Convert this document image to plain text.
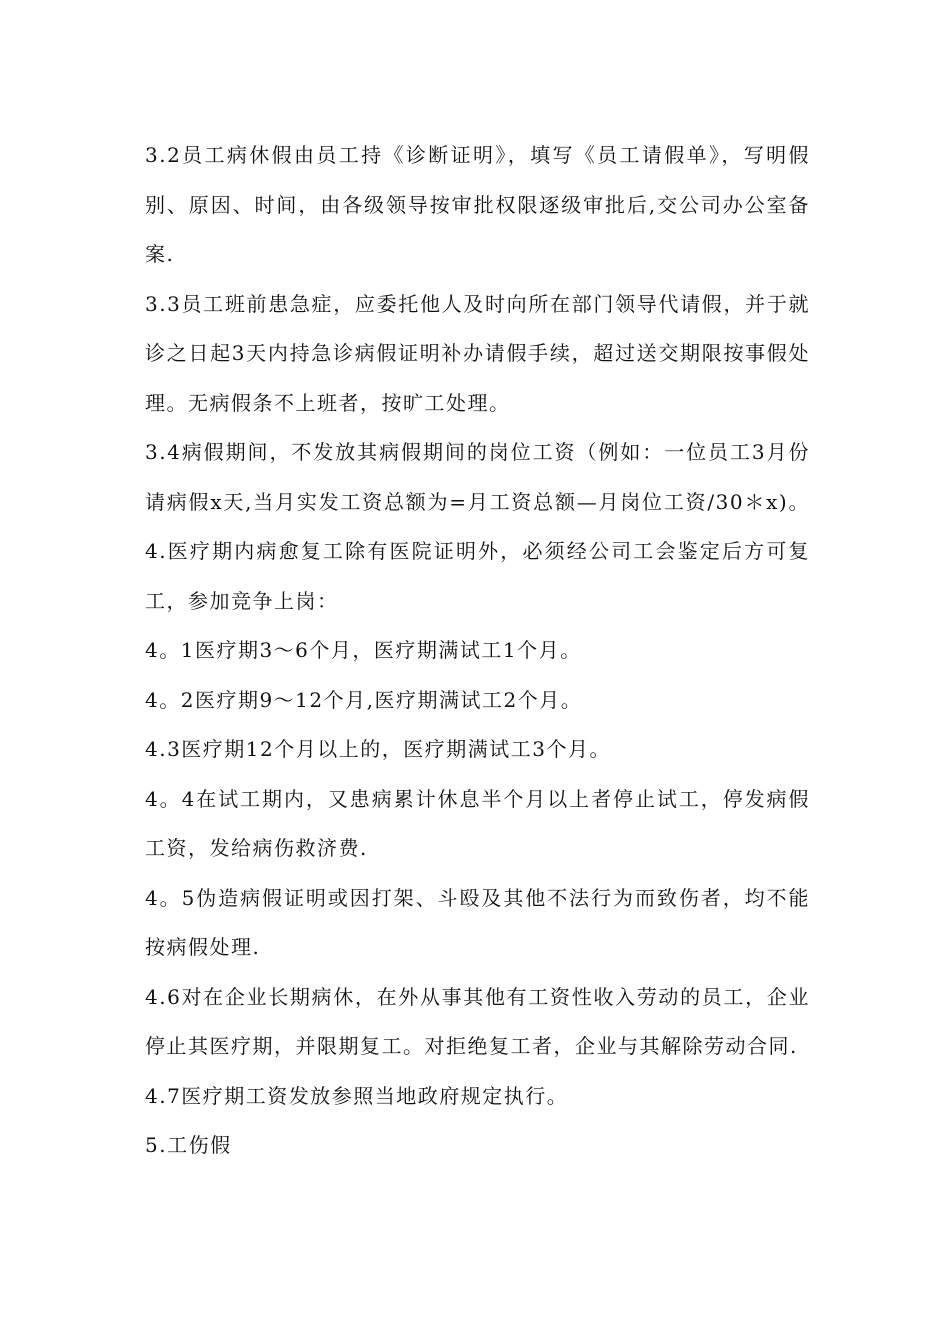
3.2员工病休假由员工持《诊断证明》，填写《员工请假单》，写明假别、原因、时间，由各级领导按审批权限逐级审批后,交公司办公室备案.

3.3员工班前患急症，应委托他人及时向所在部门领导代请假，并于就诊之日起3天内持急诊病假证明补办请假手续，超过送交期限按事假处理。无病假条不上班者，按旷工处理。

3.4病假期间，不发放其病假期间的岗位工资（例如：一位员工3月份请病假x天,当月实发工资总额为=月工资总额—月岗位工资/30＊x)。    4.医疗期内病愈复工除有医院证明外，必须经公司工会鉴定后方可复工，参加竞争上岗：

4。1医疗期3～6个月，医疗期满试工1个月。

4。2医疗期9～12个月,医疗期满试工2个月。

4.3医疗期12个月以上的，医疗期满试工3个月。

4。4在试工期内，又患病累计休息半个月以上者停止试工，停发病假工资，发给病伤救济费.

4。5伪造病假证明或因打架、斗殴及其他不法行为而致伤者，均不能按病假处理.

4.6对在企业长期病休，在外从事其他有工资性收入劳动的员工，企业停止其医疗期，并限期复工。对拒绝复工者，企业与其解除劳动合同.

4.7医疗期工资发放参照当地政府规定执行。

5.工伤假
